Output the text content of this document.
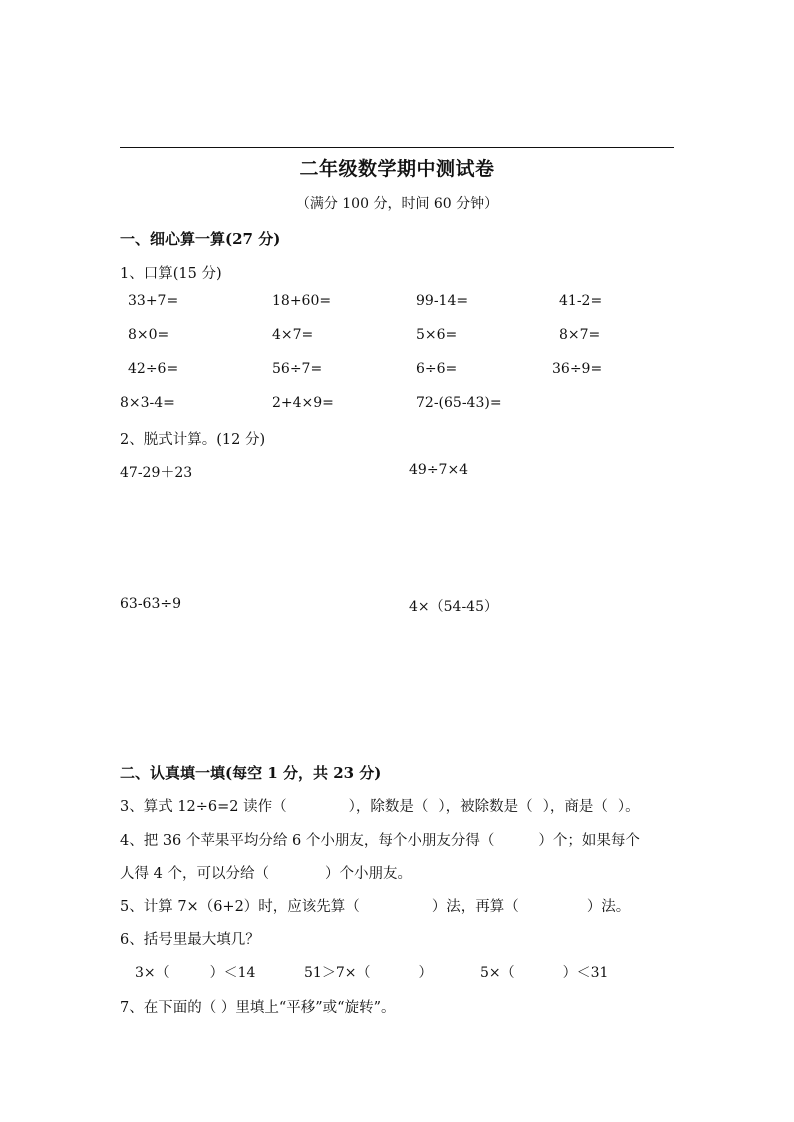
二年级数学期中测试卷
（满分 100 分，时间 60 分钟）
一、细心算一算(27 分)
1、口算(15 分)
33+7=	18+60=	99-14=	41-2=
8×0=	4×7=	5×6=	8×7=
42÷6=	56÷7=	6÷6=	36÷9=
8×3-4=	2+4×9=	72-(65-43)=
2、脱式计算。(12 分)
47-29＋23	49÷7×4
63-63÷9	4×（54-45）
二、认真填一填(每空 1 分，共 23 分)
3、算式 12÷6=2 读作（	），除数是（ ），被除数是（ ），商是（ ）。
4、把 36 个苹果平均分给 6 个小朋友，每个小朋友分得（	）个；如果每个
人得 4 个，可以分给（	）个小朋友。
5、计算 7×（6+2）时，应该先算（	）法，再算（	）法。
6、括号里最大填几？
3×（	）＜14	51＞7×（	）	5×（	）＜31
7、在下面的（ ）里填上“平移”或“旋转”。
